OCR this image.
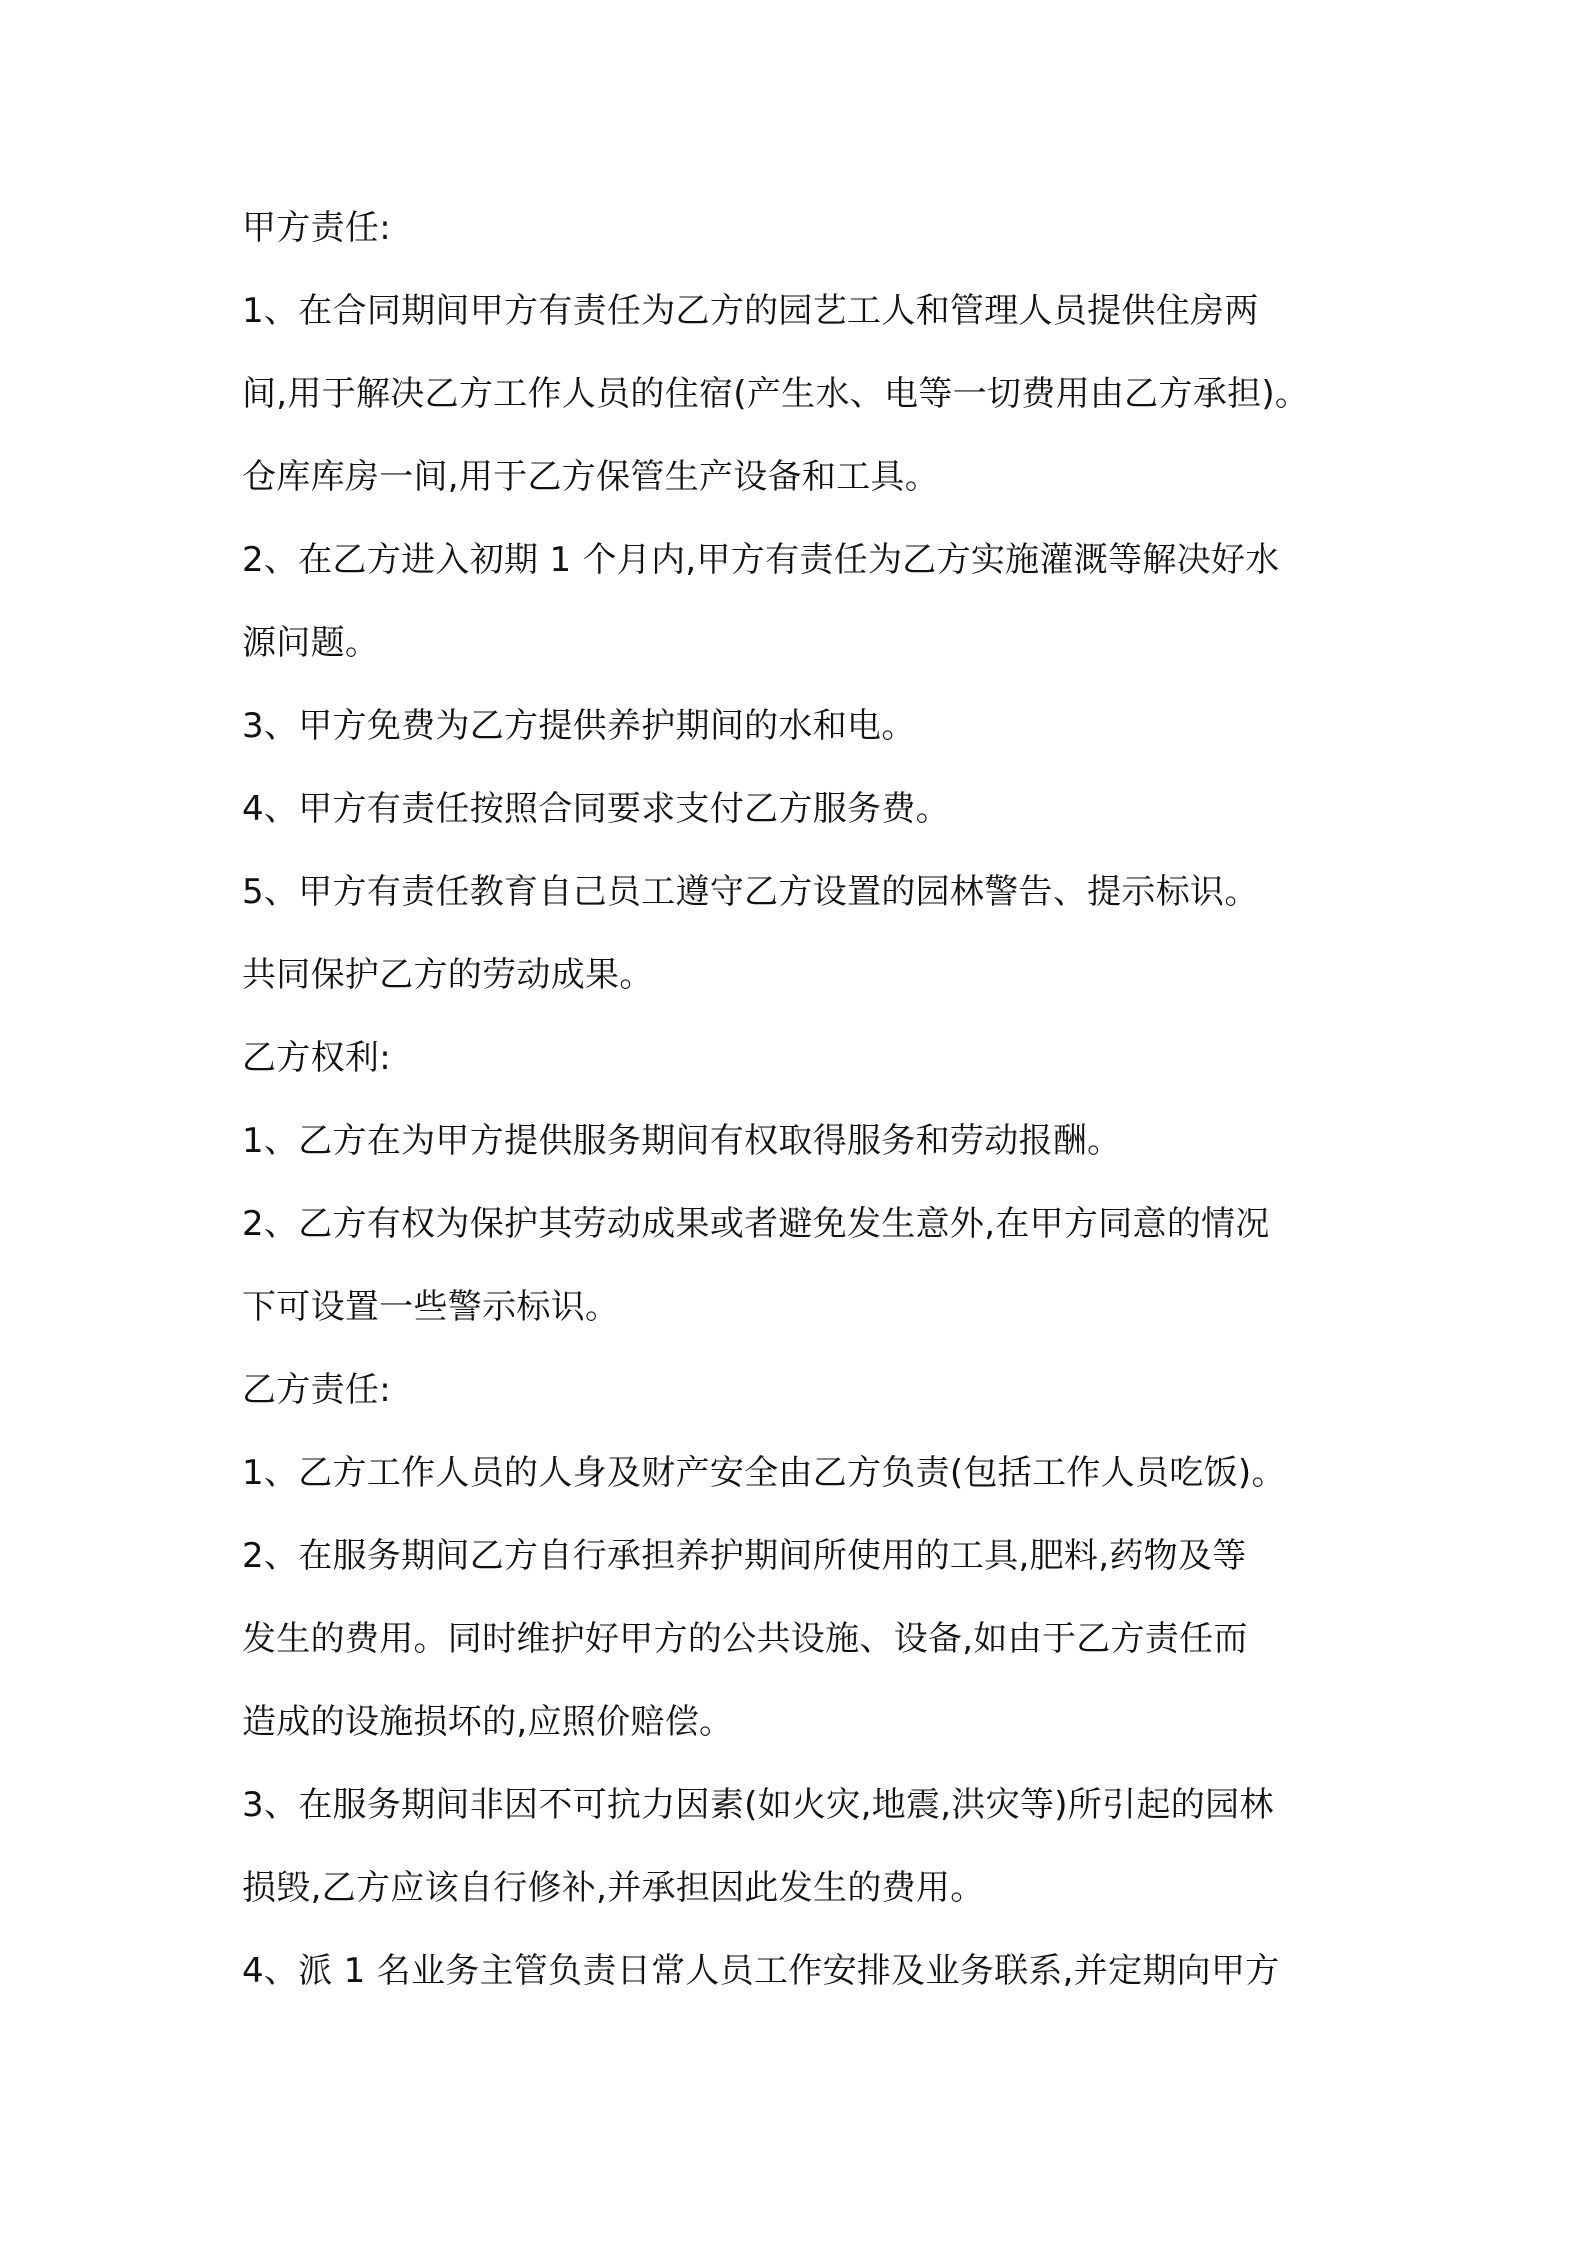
甲方责任:
1、在合同期间甲方有责任为乙方的园艺工人和管理人员提供住房两
间,用于解决乙方工作人员的住宿(产生水、电等一切费用由乙方承担)。
仓库库房一间,用于乙方保管生产设备和工具。
2、在乙方进入初期 1 个月内,甲方有责任为乙方实施灌溉等解决好水
源问题。
3、甲方免费为乙方提供养护期间的水和电。
4、甲方有责任按照合同要求支付乙方服务费。
5、甲方有责任教育自己员工遵守乙方设置的园林警告、提示标识。
共同保护乙方的劳动成果。
乙方权利:
1、乙方在为甲方提供服务期间有权取得服务和劳动报酬。
2、乙方有权为保护其劳动成果或者避免发生意外,在甲方同意的情况
下可设置一些警示标识。
乙方责任:
1、乙方工作人员的人身及财产安全由乙方负责(包括工作人员吃饭)。
2、在服务期间乙方自行承担养护期间所使用的工具,肥料,药物及等
发生的费用。同时维护好甲方的公共设施、设备,如由于乙方责任而
造成的设施损坏的,应照价赔偿。
3、在服务期间非因不可抗力因素(如火灾,地震,洪灾等)所引起的园林
损毁,乙方应该自行修补,并承担因此发生的费用。
4、派 1 名业务主管负责日常人员工作安排及业务联系,并定期向甲方
